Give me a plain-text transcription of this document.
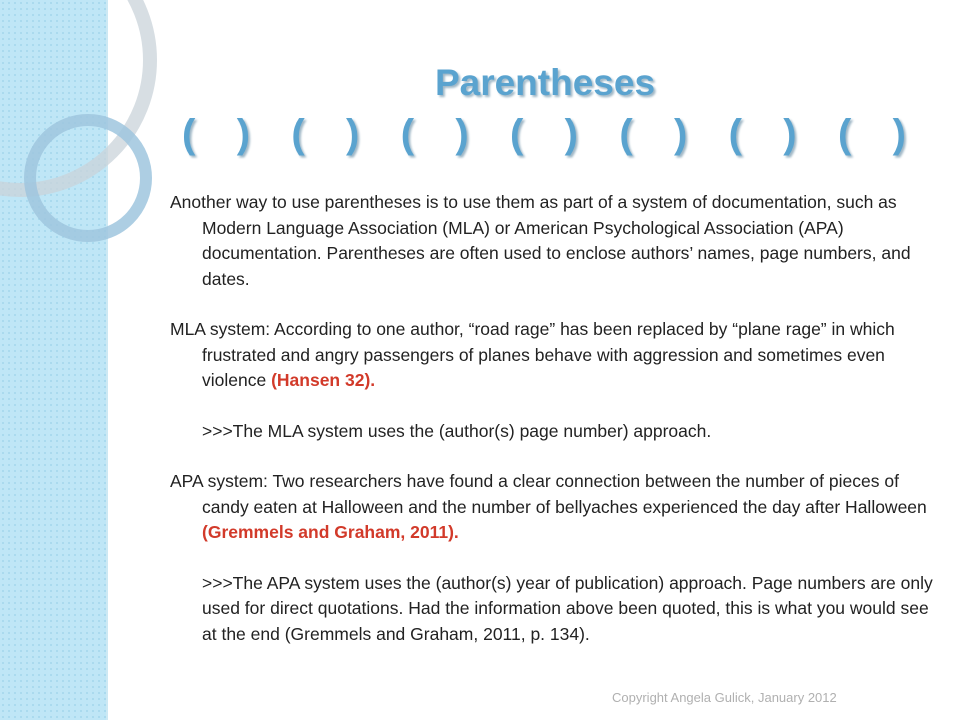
Parentheses
(   )   (   )   (   )   (   )   (   )   (   )   (   )

Another way to use parentheses is to use them as part of a system of documentation, such as Modern Language Association (MLA) or American Psychological Association (APA) documentation. Parentheses are often used to enclose authors’ names, page numbers, and dates.

MLA system: According to one author, “road rage” has been replaced by “plane rage” in which frustrated and angry passengers of planes behave with aggression and sometimes even violence (Hansen 32).

>>>The MLA system uses the (author(s) page number) approach.

APA system: Two researchers have found a clear connection between the number of pieces of candy eaten at Halloween and the number of bellyaches experienced the day after Halloween (Gremmels and Graham, 2011).

>>>The APA system uses the (author(s) year of publication) approach. Page numbers are only used for direct quotations. Had the information above been quoted, this is what you would see at the end (Gremmels and Graham, 2011, p. 134).

Copyright Angela Gulick, January 2012
